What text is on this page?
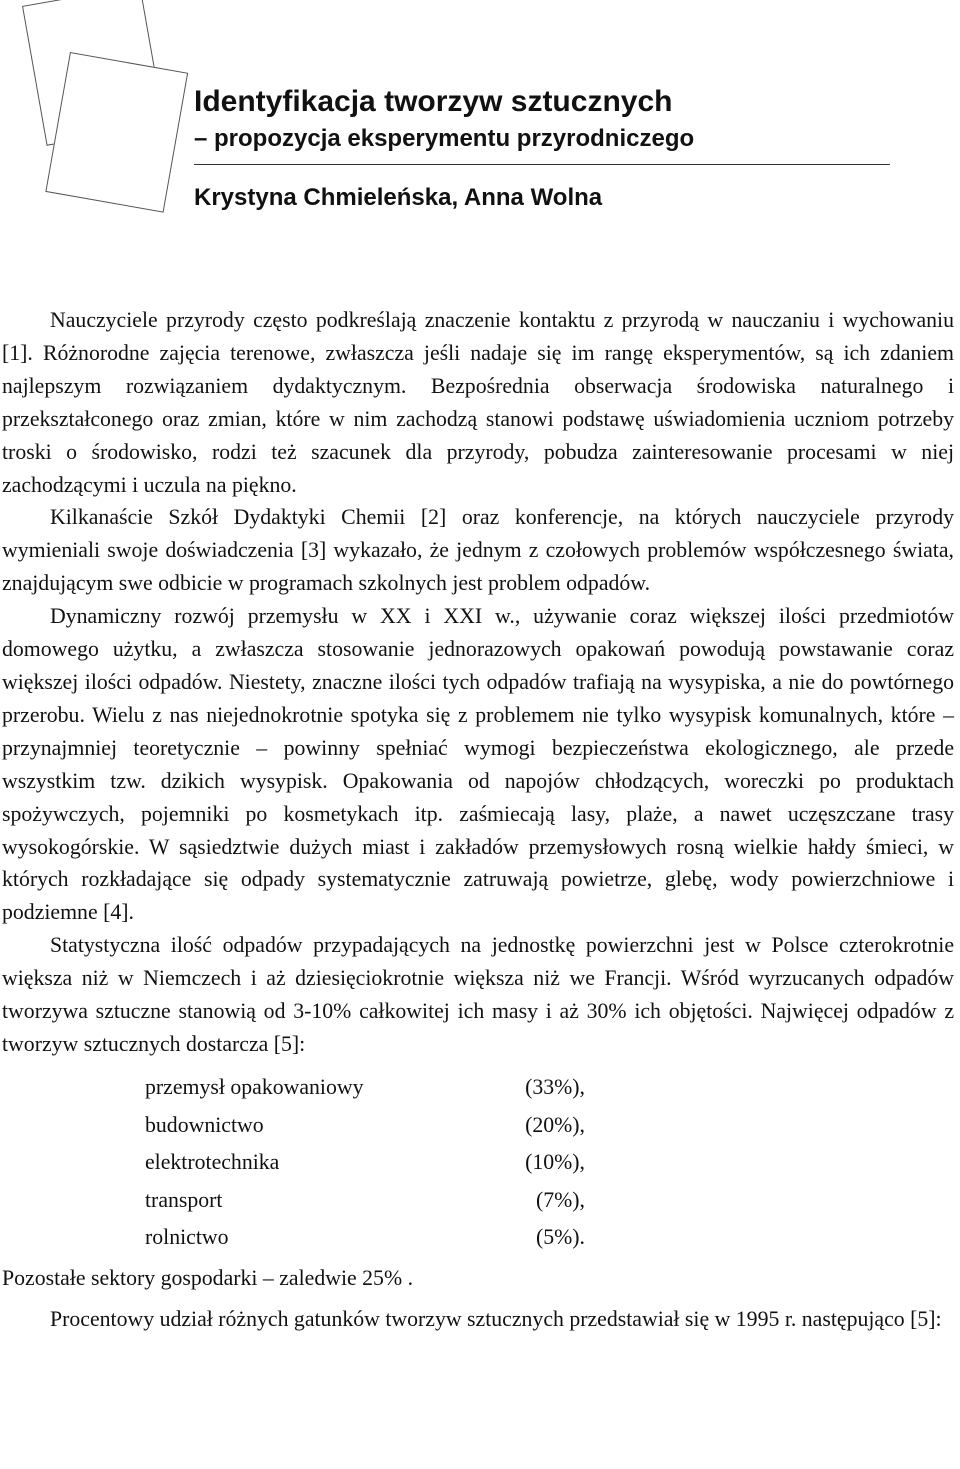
Identyfikacja tworzyw sztucznych

– propozycja eksperymentu przyrodniczego

Krystyna Chmieleńska, Anna Wolna

Nauczyciele przyrody często podkreślają znaczenie kontaktu z przyrodą w nauczaniu i wychowaniu [1]. Różnorodne zajęcia terenowe, zwłaszcza jeśli nadaje się im rangę eksperymentów, są ich zdaniem najlepszym rozwiązaniem dydaktycznym. Bezpośrednia obserwacja środowiska naturalnego i przekształconego oraz zmian, które w nim zachodzą stanowi podstawę uświadomienia uczniom potrzeby troski o środowisko, rodzi też szacunek dla przyrody, pobudza zainteresowanie procesami w niej zachodzącymi i uczula na piękno.

Kilkanaście Szkół Dydaktyki Chemii [2] oraz konferencje, na których nauczyciele przyrody wymieniali swoje doświadczenia [3] wykazało, że jednym z czołowych problemów współczesnego świata, znajdującym swe odbicie w programach szkolnych jest problem odpadów.

Dynamiczny rozwój przemysłu w XX i XXI w., używanie coraz większej ilości przedmiotów domowego użytku, a zwłaszcza stosowanie jednorazowych opakowań powodują powstawanie coraz większej ilości odpadów. Niestety, znaczne ilości tych odpadów trafiają na wysypiska, a nie do powtórnego przerobu. Wielu z nas niejednokrotnie spotyka się z problemem nie tylko wysypisk komunalnych, które – przynajmniej teoretycznie – powinny spełniać wymogi bezpieczeństwa ekologicznego, ale przede wszystkim tzw. dzikich wysypisk. Opakowania od napojów chłodzących, woreczki po produktach spożywczych, pojemniki po kosmetykach itp. zaśmiecają lasy, plaże, a nawet uczęszczane trasy wysokogórskie. W sąsiedztwie dużych miast i zakładów przemysłowych rosną wielkie hałdy śmieci, w których rozkładające się odpady systematycznie zatruwają powietrze, glebę, wody powierzchniowe i podziemne [4].

Statystyczna ilość odpadów przypadających na jednostkę powierzchni jest w Polsce czterokrotnie większa niż w Niemczech i aż dziesięciokrotnie większa niż we Francji. Wśród wyrzucanych odpadów tworzywa sztuczne stanowią od 3-10% całkowitej ich masy i aż 30% ich objętości. Najwięcej odpadów z tworzyw sztucznych dostarcza [5]:

przemysł opakowaniowy	(33%),
budownictwo	(20%),
elektrotechnika	(10%),
transport	(7%),
rolnictwo	(5%).

Pozostałe sektory gospodarki – zaledwie 25% .

Procentowy udział różnych gatunków tworzyw sztucznych przedstawiał się w 1995 r. następująco [5]:
